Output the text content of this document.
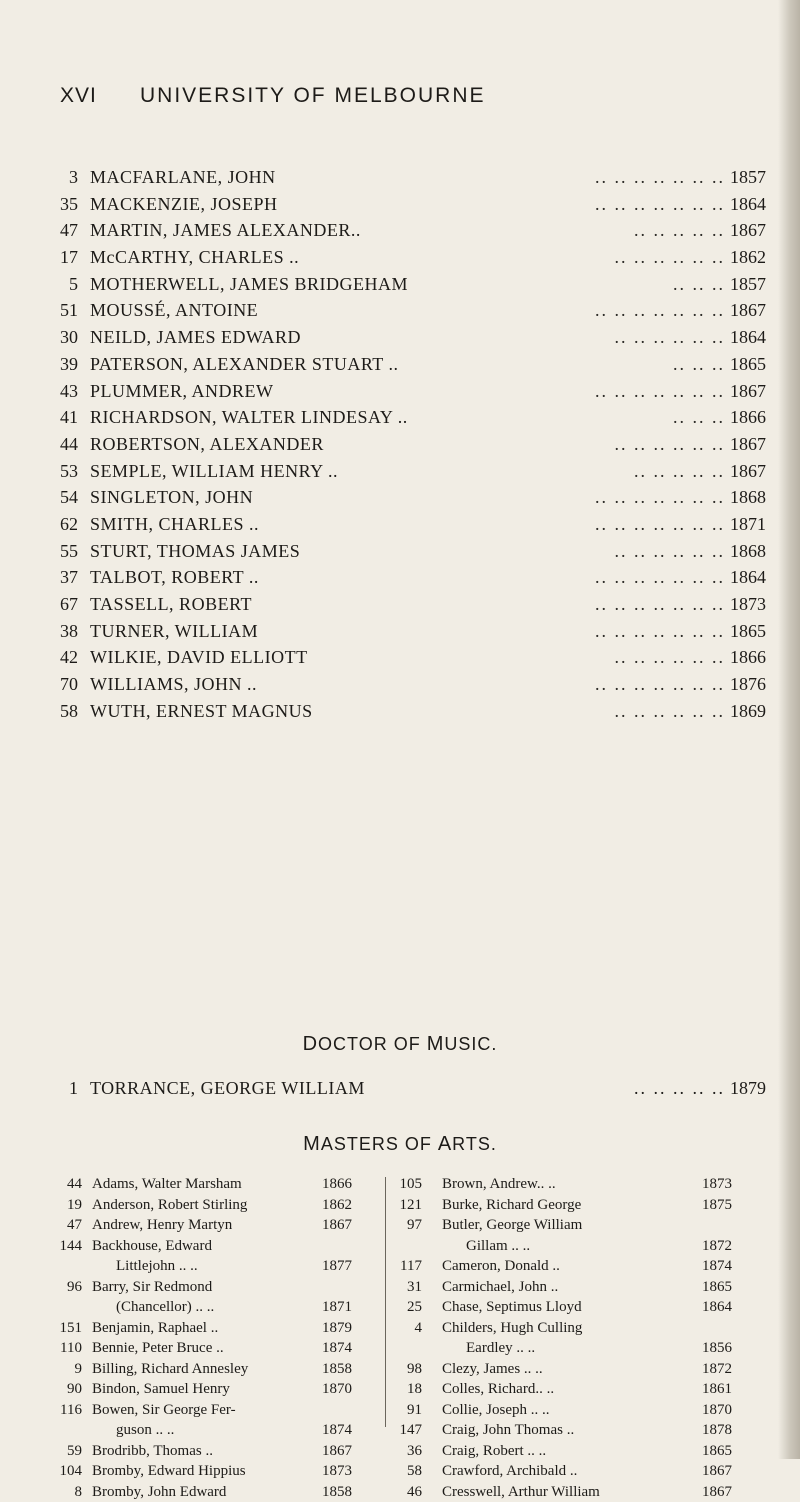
XVI UNIVERSITY OF MELBOURNE
3 MACFARLANE, JOHN	.. .. .. .. .. .. .. 1857
35 MACKENZIE, JOSEPH	.. .. .. .. .. .. .. 1864
47 MARTIN, JAMES ALEXANDER..	.. .. .. .. .. 1867
17 McCARTHY, CHARLES ..	.. .. .. .. .. .. 1862
5 MOTHERWELL, JAMES BRIDGEHAM	.. .. .. 1857
51 MOUSSÉ, ANTOINE	.. .. .. .. .. .. .. 1867
30 NEILD, JAMES EDWARD	.. .. .. .. .. .. 1864
39 PATERSON, ALEXANDER STUART ..	.. .. .. 1865
43 PLUMMER, ANDREW	.. .. .. .. .. .. .. 1867
41 RICHARDSON, WALTER LINDESAY ..	.. .. .. 1866
44 ROBERTSON, ALEXANDER	.. .. .. .. .. .. 1867
53 SEMPLE, WILLIAM HENRY ..	.. .. .. .. .. 1867
54 SINGLETON, JOHN	.. .. .. .. .. .. .. 1868
62 SMITH, CHARLES ..	.. .. .. .. .. .. .. 1871
55 STURT, THOMAS JAMES	.. .. .. .. .. .. 1868
37 TALBOT, ROBERT ..	.. .. .. .. .. .. .. 1864
67 TASSELL, ROBERT	.. .. .. .. .. .. .. 1873
38 TURNER, WILLIAM	.. .. .. .. .. .. .. 1865
42 WILKIE, DAVID ELLIOTT	.. .. .. .. .. .. 1866
70 WILLIAMS, JOHN ..	.. .. .. .. .. .. .. 1876
58 WUTH, ERNEST MAGNUS	.. .. .. .. .. .. 1869
DOCTOR OF MUSIC.
1 TORRANCE, GEORGE WILLIAM	.. .. .. .. .. 1879
MASTERS OF ARTS.
44 Adams, Walter Marsham	1866
19 Anderson, Robert Stirling	1862
47 Andrew, Henry Martyn	1867
144 Backhouse, Edward
Littlejohn .. ..	1877
96 Barry, Sir Redmond
(Chancellor) .. ..	1871
151 Benjamin, Raphael ..	1879
110 Bennie, Peter Bruce ..	1874
9 Billing, Richard Annesley	1858
90 Bindon, Samuel Henry	1870
116 Bowen, Sir George Fer-
guson .. ..	1874
59 Brodribb, Thomas ..	1867
104 Bromby, Edward Hippius	1873
8 Bromby, John Edward	1858
105 Brown, Andrew.. ..	1873
121 Burke, Richard George	1875
97 Butler, George William
Gillam .. ..	1872
117 Cameron, Donald ..	1874
31 Carmichael, John ..	1865
25 Chase, Septimus Lloyd	1864
4 Childers, Hugh Culling
Eardley .. ..	1856
98 Clezy, James .. ..	1872
18 Colles, Richard.. ..	1861
91 Collie, Joseph .. ..	1870
147 Craig, John Thomas ..	1878
36 Craig, Robert .. ..	1865
58 Crawford, Archibald ..	1867
46 Cresswell, Arthur William	1867
